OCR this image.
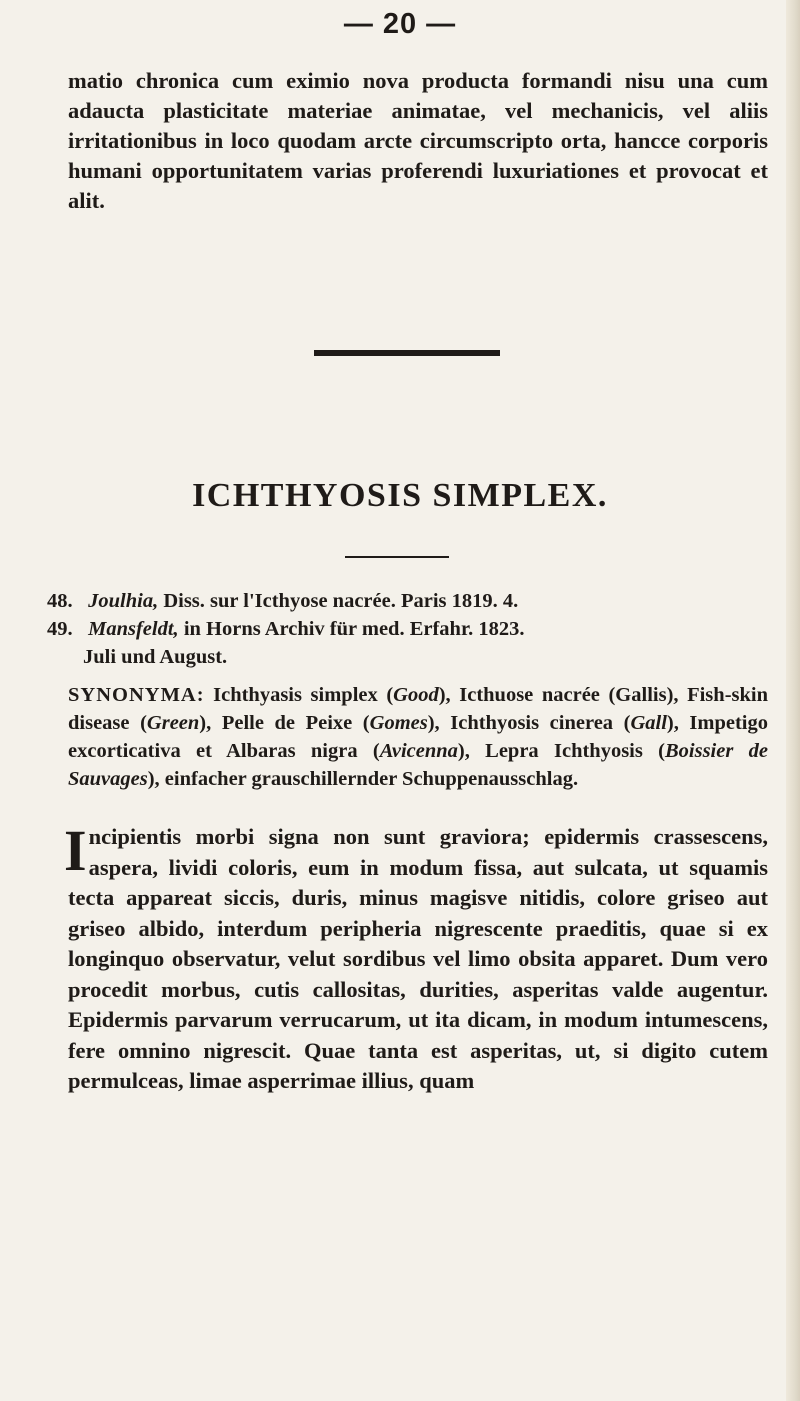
— 20 —
matio chronica cum eximio nova producta formandi nisu una cum adaucta plasticitate materiae animatae, vel mechanicis, vel aliis irritationibus in loco quodam arcte circumscripto orta, hancce corporis humani opportunitatem varias proferendi luxuriationes et provocat et alit.
ICHTHYOSIS SIMPLEX.
48. Joulhia, Diss. sur l'Icthyose nacrée. Paris 1819. 4.
49. Mansfeldt, in Horns Archiv für med. Erfahr. 1823.
Juli und August.
SYNONYMA: Ichthyasis simplex (Good), Icthuose nacrée (Gallis), Fish-skin disease (Green), Pelle de Peixe (Gomes), Ichthyosis cinerea (Gall), Impetigo excorticativa et Albaras nigra (Avicenna), Lepra Ichthyosis (Boissier de Sauvages), einfacher grauschillernder Schuppenausschlag.
Incipientis morbi signa non sunt graviora; epidermis crassescens, aspera, lividi coloris, eum in modum fissa, aut sulcata, ut squamis tecta appareat siccis, duris, minus magisve nitidis, colore griseo aut griseo albido, interdum peripheria nigrescente praeditis, quae si ex longinquo observatur, velut sordibus vel limo obsita apparet. Dum vero procedit morbus, cutis callositas, durities, asperitas valde augentur. Epidermis parvarum verrucarum, ut ita dicam, in modum intumescens, fere omnino nigrescit. Quae tanta est asperitas, ut, si digito cutem permulceas, limae asperrimae illius, quam
